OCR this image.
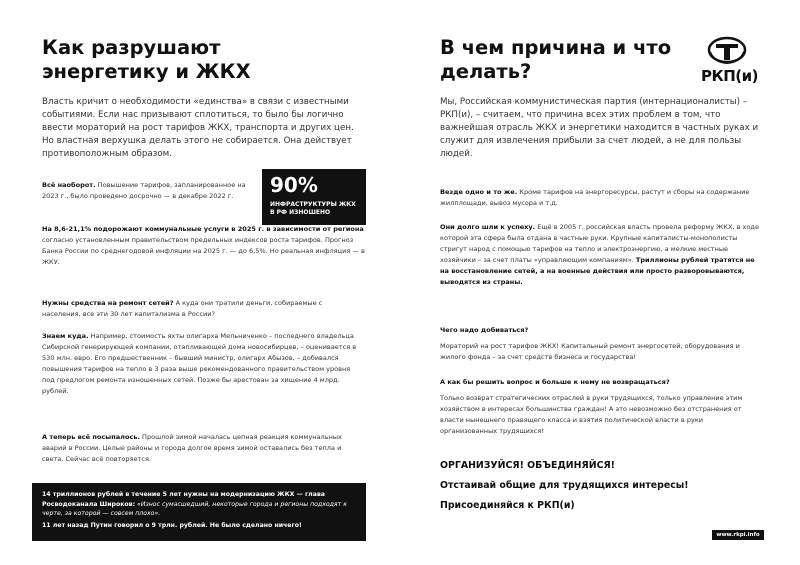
Как разрушают энергетику и ЖКХ

Власть кричит о необходимости «единства» в связи с известными событиями. Если нас призывают сплотиться, то было бы логично ввести мораторий на рост тарифов ЖКХ, транспорта и других цен. Но властная верхушка делать этого не собирается. Она действует противоположным образом.

Всё наоборот. Повышение тарифов, запланированное на 2023 г., было проведено досрочно — в декабре 2022 г.

На 8,6-21,1% подорожают коммунальные услуги в 2025 г. в зависимости от региона согласно установленным правительством предельных индексов роста тарифов. Прогноз Банка России по среднегодовой инфляции на 2025 г. — до 6,5%. Но реальная инфляция — в ЖКУ.

Нужны средства на ремонт сетей? А куда они тратили деньги, собираемые с населения, все эти 30 лет капитализма в России?

Знаем куда. Например, стоимость яхты олигарха Мельниченко – последнего владельца Сибирской генерирующей компании, отапливающей дома новосибирцев, – оценивается в 530 млн. евро. Его предшественник – бывший министр, олигарх Абызов, – добивался повышения тарифов на тепло в 3 раза выше рекомендованного правительством уровня под предлогом ремонта изношенных сетей. Позже бы арестован за хищение 4 млрд. рублей.

А теперь всё посыпалось. Прошлой зимой началась цепная реакция коммунальных аварий в России. Целые районы и города долгое время зимой оставались без тепла и света. Сейчас всё повторяется.

90%
ИНФРАСТРУКТУРЫ ЖКХ В РФ ИЗНОШЕНО
14 триллионов рублей в течение 5 лет нужны на модернизацию ЖКХ — глава Росводоканала Широков: «Износ сумасшедший, некоторые города и регионы подходят к черте, за которой — совсем плохо».
11 лет назад Путин говорил о 9 трлн. рублей. Не было сделано ничего!
В чем причина и что делать?

Мы, Российская коммунистическая партия (интернационалисты) – РКП(и), – считаем, что причина всех этих проблем в том, что важнейшая отрасль ЖКХ и энергетики находится в частных руках и служит для извлечения прибыли за счет людей, а не для пользы людей.

Везде одно и то же. Кроме тарифов на энергоресурсы, растут и сборы на содержание жилплощади, вывоз мусора и т.д.

Они долго шли к успеху. Ещё в 2005 г. российская власть провела реформу ЖКХ, в ходе которой эта сфера была отдана в частные руки. Крупные капиталисты-монополисты стригут народ с помощью тарифов на тепло и электроэнергию, а мелкие местные хозяйчики – за счет платы «управляющим компаниям». Триллионы рублей тратятся не на восстановление сетей, а на военные действия или просто разворовываются, выводятся из страны.

Чего надо добиваться?

Мораторий на рост тарифов ЖКХ! Капитальный ремонт энергосетей, оборудования и жилого фонда – за счет средств бизнеса и государства!

А как бы решить вопрос и больше к нему не возвращаться?

Только возврат стратегических отраслей в руки трудящихся, только управление этим хозяйством в интересах большинства граждан! А это невозможно без отстранения от власти нынешнего правящего класса и взятия политической власти в руки организованных трудящихся!

ОРГАНИЗУЙСЯ! ОБЪЕДИНЯЙСЯ!

Отстаивай общие для трудящихся интересы!

Присоединяйся к РКП(и)

РКП(и)
www.rkpi.info
